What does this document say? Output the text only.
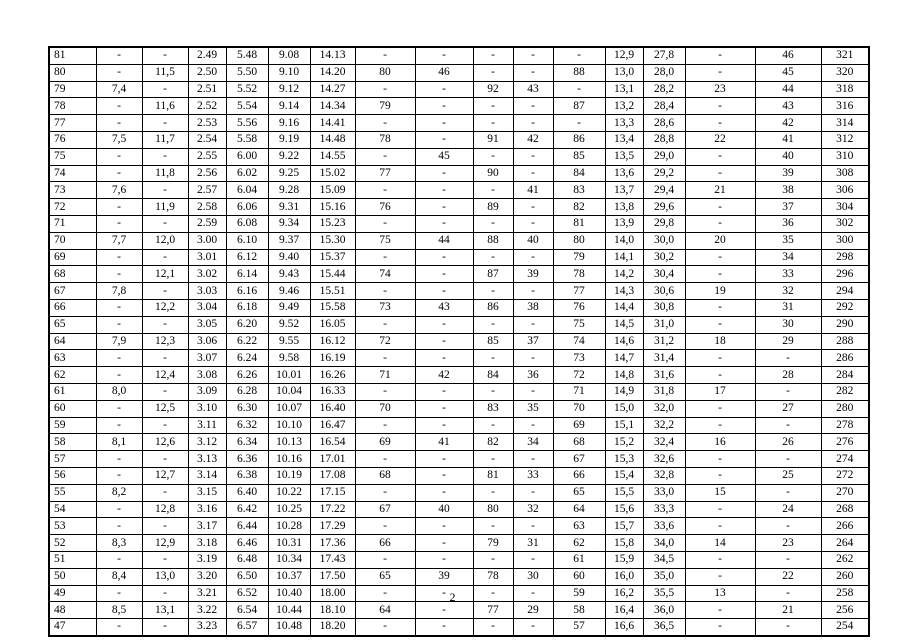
81	-	-	2.49	5.48	9.08	14.13	-	-	-	-	-	12,9	27,8	-	46	321
80	-	11,5	2.50	5.50	9.10	14.20	80	46	-	-	88	13,0	28,0	-	45	320
79	7,4	-	2.51	5.52	9.12	14.27	-	-	92	43	-	13,1	28,2	23	44	318
78	-	11,6	2.52	5.54	9.14	14.34	79	-	-	-	87	13,2	28,4	-	43	316
77	-	-	2.53	5.56	9.16	14.41	-	-	-	-	-	13,3	28,6	-	42	314
76	7,5	11,7	2.54	5.58	9.19	14.48	78	-	91	42	86	13,4	28,8	22	41	312
75	-	-	2.55	6.00	9.22	14.55	-	45	-	-	85	13,5	29,0	-	40	310
74	-	11,8	2.56	6.02	9.25	15.02	77	-	90	-	84	13,6	29,2	-	39	308
73	7,6	-	2.57	6.04	9.28	15.09	-	-	-	41	83	13,7	29,4	21	38	306
72	-	11,9	2.58	6.06	9.31	15.16	76	-	89	-	82	13,8	29,6	-	37	304
71	-	-	2.59	6.08	9.34	15.23	-	-	-	-	81	13,9	29,8	-	36	302
70	7,7	12,0	3.00	6.10	9.37	15.30	75	44	88	40	80	14,0	30,0	20	35	300
69	-	-	3.01	6.12	9.40	15.37	-	-	-	-	79	14,1	30,2	-	34	298
68	-	12,1	3.02	6.14	9.43	15.44	74	-	87	39	78	14,2	30,4	-	33	296
67	7,8	-	3.03	6.16	9.46	15.51	-	-	-	-	77	14,3	30,6	19	32	294
66	-	12,2	3.04	6.18	9.49	15.58	73	43	86	38	76	14,4	30,8	-	31	292
65	-	-	3.05	6.20	9.52	16.05	-	-	-	-	75	14,5	31,0	-	30	290
64	7,9	12,3	3.06	6.22	9.55	16.12	72	-	85	37	74	14,6	31,2	18	29	288
63	-	-	3.07	6.24	9.58	16.19	-	-	-	-	73	14,7	31,4	-	-	286
62	-	12,4	3.08	6.26	10.01	16.26	71	42	84	36	72	14,8	31,6	-	28	284
61	8,0	-	3.09	6.28	10.04	16.33	-	-	-	-	71	14,9	31,8	17	-	282
60	-	12,5	3.10	6.30	10.07	16.40	70	-	83	35	70	15,0	32,0	-	27	280
59	-	-	3.11	6.32	10.10	16.47	-	-	-	-	69	15,1	32,2	-	-	278
58	8,1	12,6	3.12	6.34	10.13	16.54	69	41	82	34	68	15,2	32,4	16	26	276
57	-	-	3.13	6.36	10.16	17.01	-	-	-	-	67	15,3	32,6	-	-	274
56	-	12,7	3.14	6.38	10.19	17.08	68	-	81	33	66	15,4	32,8	-	25	272
55	8,2	-	3.15	6.40	10.22	17.15	-	-	-	-	65	15,5	33,0	15	-	270
54	-	12,8	3.16	6.42	10.25	17.22	67	40	80	32	64	15,6	33,3	-	24	268
53	-	-	3.17	6.44	10.28	17.29	-	-	-	-	63	15,7	33,6	-	-	266
52	8,3	12,9	3.18	6.46	10.31	17.36	66	-	79	31	62	15,8	34,0	14	23	264
51	-	-	3.19	6.48	10.34	17.43	-	-	-	-	61	15,9	34,5	-	-	262
50	8,4	13,0	3.20	6.50	10.37	17.50	65	39	78	30	60	16,0	35,0	-	22	260
49	-	-	3.21	6.52	10.40	18.00	-	-	-	-	59	16,2	35,5	13	-	258
48	8,5	13,1	3.22	6.54	10.44	18.10	64	-	77	29	58	16,4	36,0	-	21	256
47	-	-	3.23	6.57	10.48	18.20	-	-	-	-	57	16,6	36,5	-	-	254
2
